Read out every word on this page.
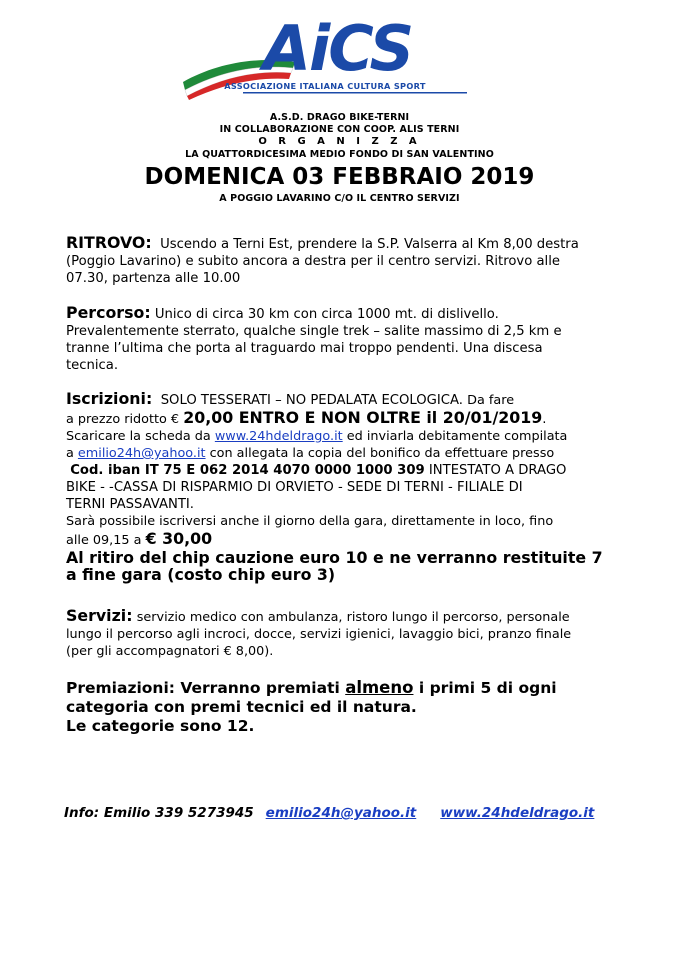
AiCS
ASSOCIAZIONE ITALIANA CULTURA SPORT
A.S.D. DRAGO BIKE-TERNI
IN COLLABORAZIONE CON COOP. ALIS TERNI
O R G A N I Z Z A
LA QUATTORDICESIMA MEDIO FONDO DI SAN VALENTINO
DOMENICA 03 FEBBRAIO 2019
A POGGIO LAVARINO C/O IL CENTRO SERVIZI
RITROVO: Uscendo a Terni Est, prendere la S.P. Valserra al Km 8,00 destra
(Poggio Lavarino) e subito ancora a destra per il centro servizi. Ritrovo alle
07.30, partenza alle 10.00
Percorso: Unico di circa 30 km con circa 1000 mt. di dislivello.
Prevalentemente sterrato, qualche single trek – salite massimo di 2,5 km e
tranne l’ultima che porta al traguardo mai troppo pendenti. Una discesa
tecnica.
Iscrizioni: SOLO TESSERATI – NO PEDALATA ECOLOGICA. Da fare
a prezzo ridotto € 20,00 ENTRO E NON OLTRE il 20/01/2019.
Scaricare la scheda da www.24hdeldrago.it ed inviarla debitamente compilata
a emilio24h@yahoo.it con allegata la copia del bonifico da effettuare presso
Cod. iban IT 75 E 062 2014 4070 0000 1000 309 INTESTATO A DRAGO
BIKE - -CASSA DI RISPARMIO DI ORVIETO - SEDE DI TERNI - FILIALE DI
TERNI PASSAVANTI.
Sarà possibile iscriversi anche il giorno della gara, direttamente in loco, fino
alle 09,15 a € 30,00
Al ritiro del chip cauzione euro 10 e ne verranno restituite 7
a fine gara (costo chip euro 3)
Servizi: servizio medico con ambulanza, ristoro lungo il percorso, personale
lungo il percorso agli incroci, docce, servizi igienici, lavaggio bici, pranzo finale
(per gli accompagnatori € 8,00).
Premiazioni: Verranno premiati almeno i primi 5 di ogni
categoria con premi tecnici ed il natura.
Le categorie sono 12.
Info: Emilio 339 5273945 emilio24h@yahoo.it www.24hdeldrago.it
